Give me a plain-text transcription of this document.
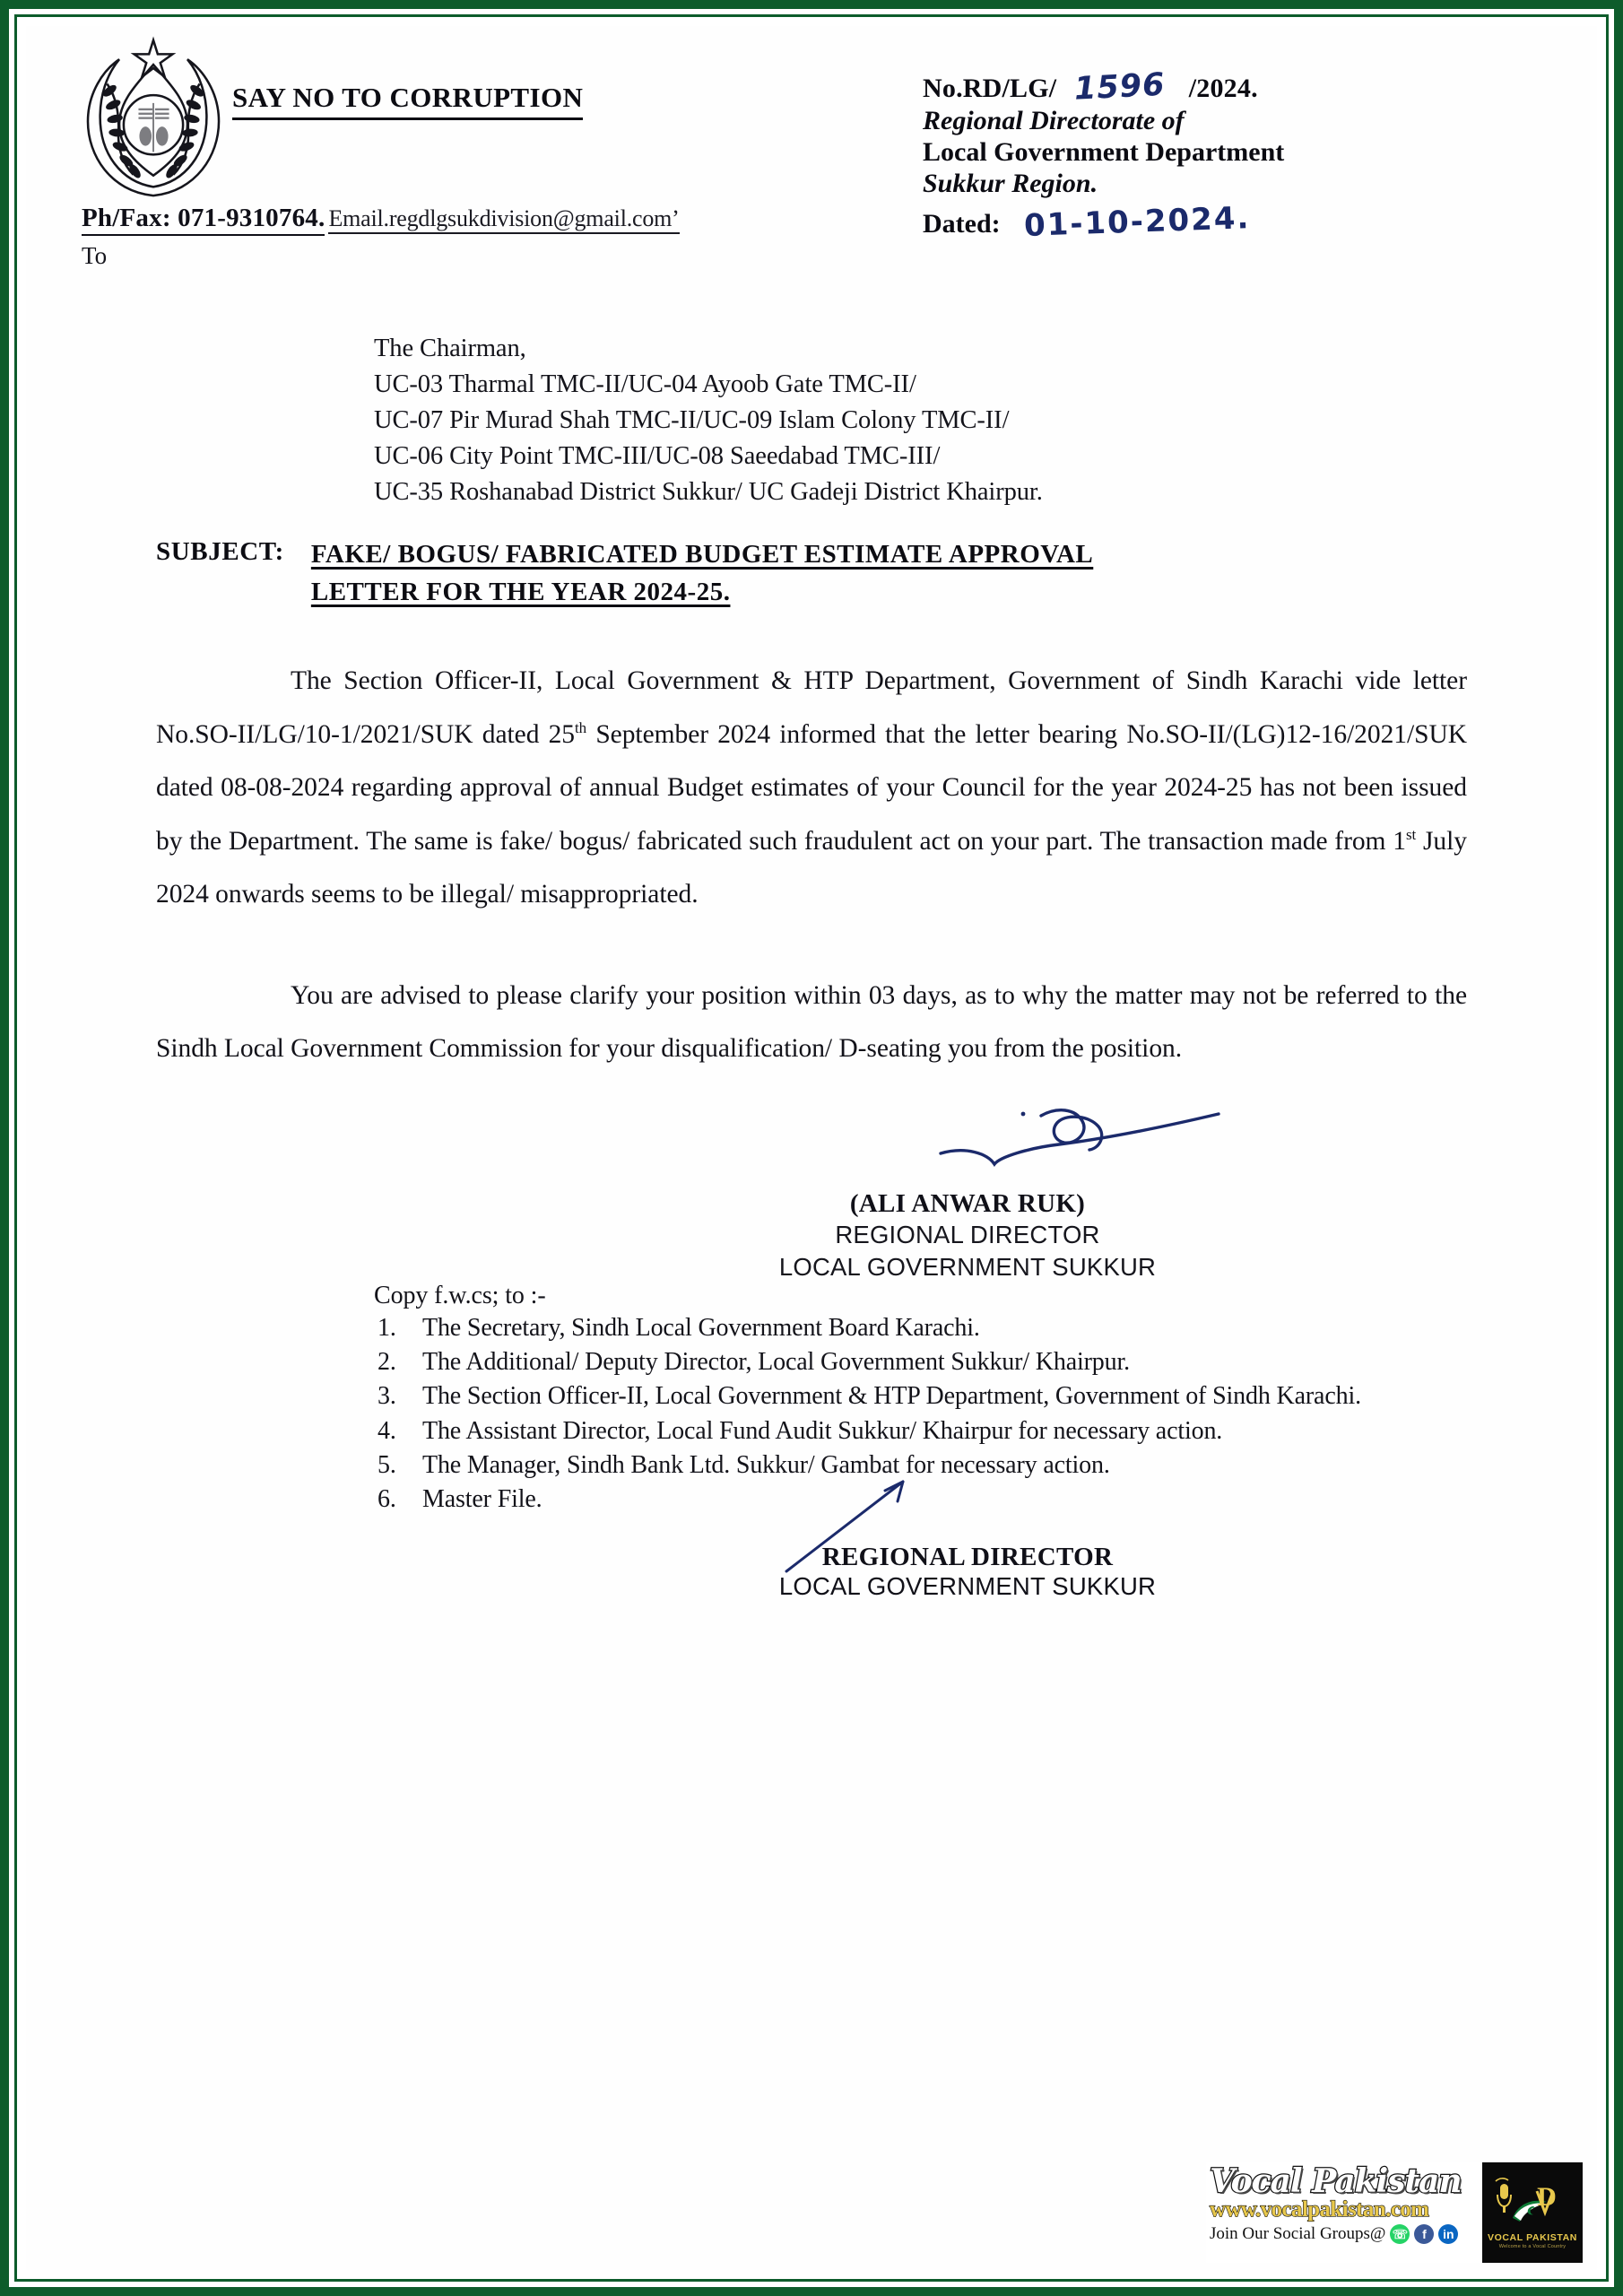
SAY NO TO CORRUPTION
Ph/Fax: 071-9310764. Email.regdlgsukdivision@gmail.com’
To
No.RD/LG/ 1596 /2024.
Regional Directorate of
Local Government Department
Sukkur Region.
Dated: 01-10-2024.
The Chairman,
UC-03 Tharmal TMC-II/UC-04 Ayoob Gate TMC-II/
UC-07 Pir Murad Shah TMC-II/UC-09 Islam Colony TMC-II/
UC-06 City Point TMC-III/UC-08 Saeedabad TMC-III/
UC-35 Roshanabad District Sukkur/ UC Gadeji District Khairpur.
SUBJECT: FAKE/ BOGUS/ FABRICATED BUDGET ESTIMATE APPROVAL
LETTER FOR THE YEAR 2024-25.

The Section Officer-II, Local Government & HTP Department, Government of Sindh Karachi vide letter No.SO-II/LG/10-1/2021/SUK dated 25th September 2024 informed that the letter bearing No.SO-II/(LG)12-16/2021/SUK dated 08-08-2024 regarding approval of annual Budget estimates of your Council for the year 2024-25 has not been issued by the Department. The same is fake/ bogus/ fabricated such fraudulent act on your part. The transaction made from 1st July 2024 onwards seems to be illegal/ misappropriated.

You are advised to please clarify your position within 03 days, as to why the matter may not be referred to the Sindh Local Government Commission for your disqualification/ D-seating you from the position.

(ALI ANWAR RUK)
REGIONAL DIRECTOR
LOCAL GOVERNMENT SUKKUR
Copy f.w.cs; to :-
1.	The Secretary, Sindh Local Government Board Karachi.
2.	The Additional/ Deputy Director, Local Government Sukkur/ Khairpur.
3.	The Section Officer-II, Local Government & HTP Department, Government of Sindh Karachi.
4.	The Assistant Director, Local Fund Audit Sukkur/ Khairpur for necessary action.
5.	The Manager, Sindh Bank Ltd. Sukkur/ Gambat for necessary action.
6.	Master File.
REGIONAL DIRECTOR
LOCAL GOVERNMENT SUKKUR
Vocal Pakistan
www.vocalpakistan.com
Join Our Social Groups@ ☏	f	in
D
VOCAL PAKISTAN
Welcome to a Vocal Country
